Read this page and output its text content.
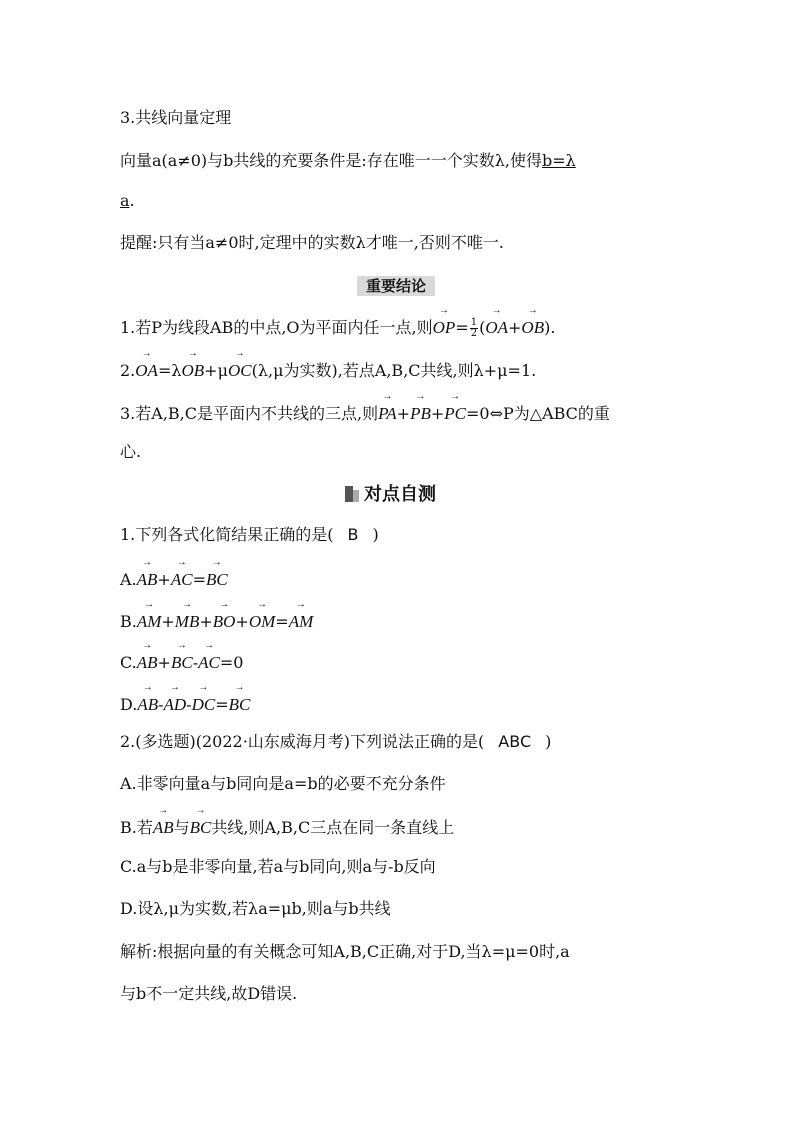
3.共线向量定理
向量a(a≠0)与b共线的充要条件是:存在唯一一个实数λ,使得b=λ
a.
提醒:只有当a≠0时,定理中的实数λ才唯一,否则不唯一.
重要结论
1.若P为线段AB的中点,O为平面内任一点,则→ $OP= \frac{1}{2}$ (→ OA+→ OB).
2.→ OA=λ→ OB+μ→ OC(λ,μ为实数),若点A,B,C共线,则λ+μ=1.
3.若A,B,C是平面内不共线的三点,则→ PA+→ PB+→ PC=0⇔P为△ABC的重
心.
对点自测
1.下列各式化简结果正确的是( B )
A.→ AB+→ AC=→ BC
B.→ AM+→ MB+→ BO+→ OM=→ AM
C.→ AB+→ BC-→ AC=0
D.→ AB-→ AD-→ DC=→ BC
2.(多选题)(2022·山东威海月考)下列说法正确的是( ABC )
A.非零向量a与b同向是a=b的必要不充分条件
B.若→ AB与→ BC共线,则A,B,C三点在同一条直线上
C.a与b是非零向量,若a与b同向,则a与-b反向
D.设λ,μ为实数,若λa=μb,则a与b共线
解析:根据向量的有关概念可知A,B,C正确,对于D,当λ=μ=0时,a
与b不一定共线,故D错误.
